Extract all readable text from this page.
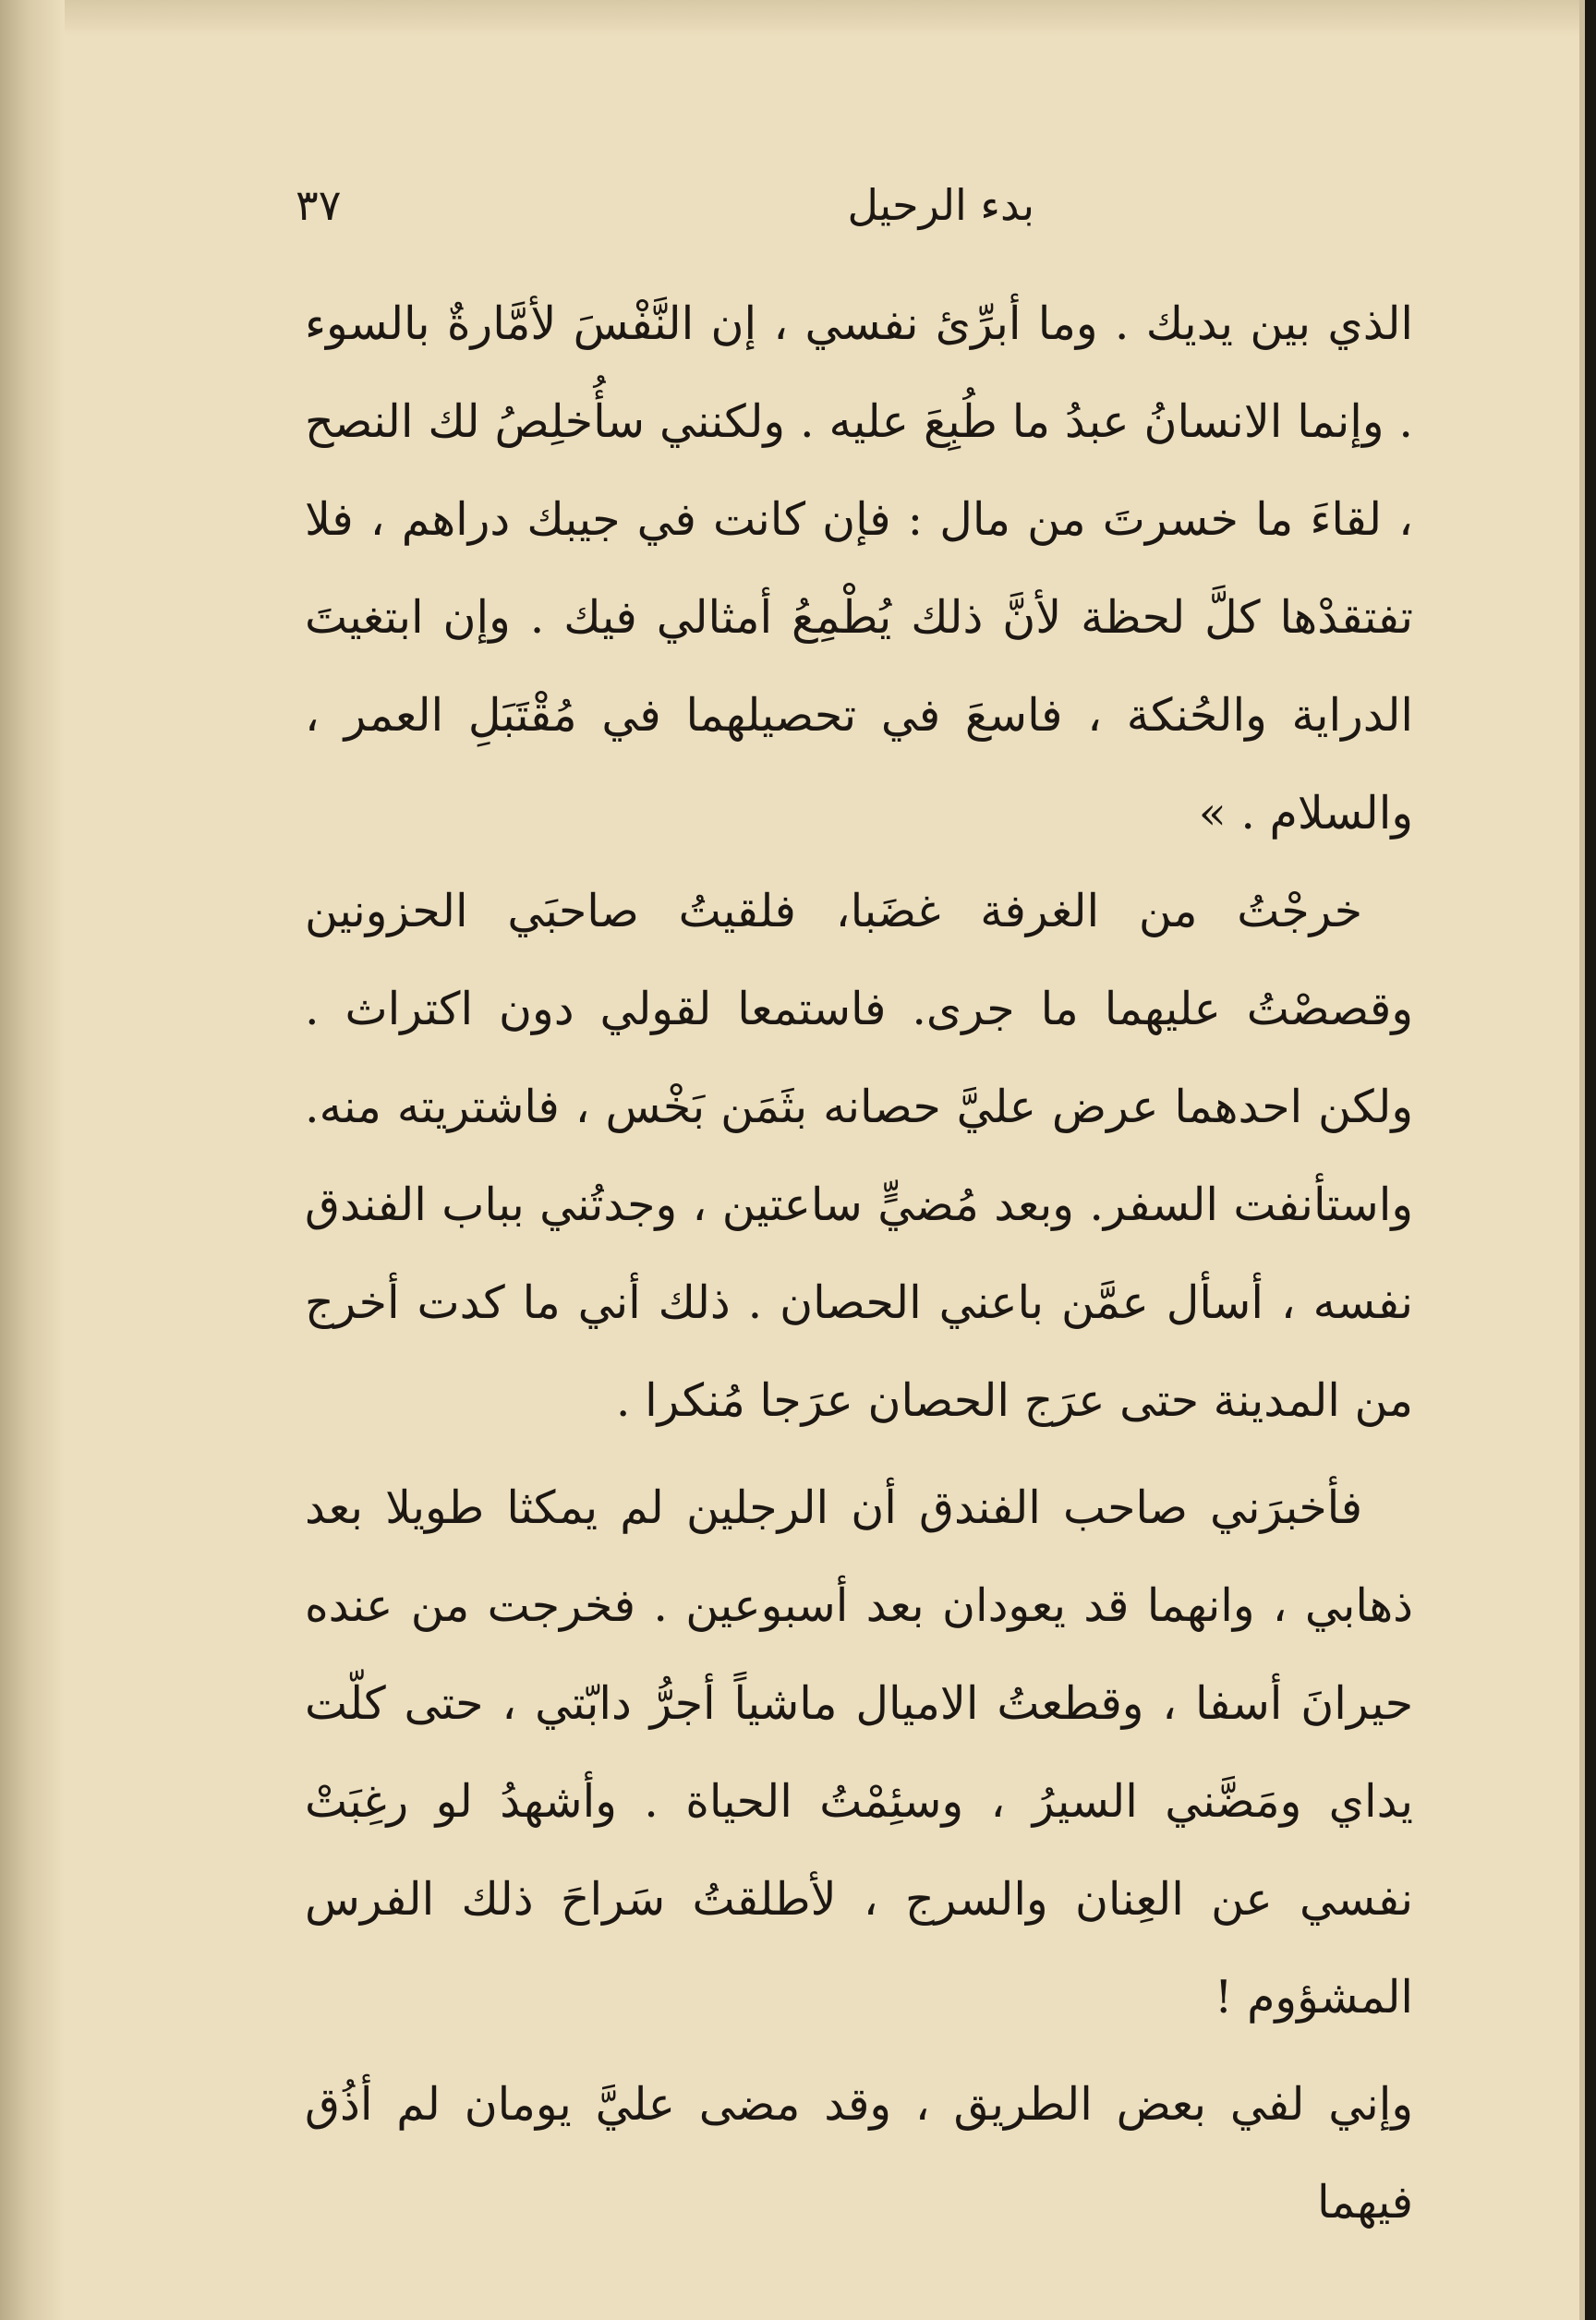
بدء الرحيل
٣٧

الذي بين يديك . وما أبرِّئ نفسي ، إن النَّفْسَ لأمَّارةٌ بالسوء . وإنما الانسانُ عبدُ ما طُبِعَ عليه . ولكنني سأُخلِصُ لك النصح ، لقاءَ ما خسرتَ من مال : فإن كانت في جيبك دراهم ، فلا تفتقدْها كلَّ لحظة لأنَّ ذلك يُطْمِعُ أمثالي فيك . وإن ابتغيتَ الدراية والحُنكة ، فاسعَ في تحصيلهما في مُقْتَبَلِ العمر ، والسلام . »

خرجْتُ من الغرفة غضَبا، فلقيتُ صاحبَي الحزونين وقصصْتُ عليهما ما جرى. فاستمعا لقولي دون اكتراث . ولكن احدهما عرض عليَّ حصانه بثَمَن بَخْس ، فاشتريته منه. واستأنفت السفر. وبعد مُضيٍّ ساعتين ، وجدتُني بباب الفندق نفسه ، أسأل عمَّن باعني الحصان . ذلك أني ما كدت أخرج من المدينة حتى عرَج الحصان عرَجا مُنكرا .

فأخبرَني صاحب الفندق أن الرجلين لم يمكثا طويلا بعد ذهابي ، وانهما قد يعودان بعد أسبوعين . فخرجت من عنده حيرانَ أسفا ، وقطعتُ الاميال ماشياً أجرُّ دابّتي ، حتى كلّت يداي ومَضَّني السيرُ ، وسئِمْتُ الحياة . وأشهدُ لو رغِبَتْ نفسي عن العِنان والسرج ، لأطلقتُ سَراحَ ذلك الفرس المشؤوم !

وإني لفي بعض الطريق ، وقد مضى عليَّ يومان لم أذُق فيهما
